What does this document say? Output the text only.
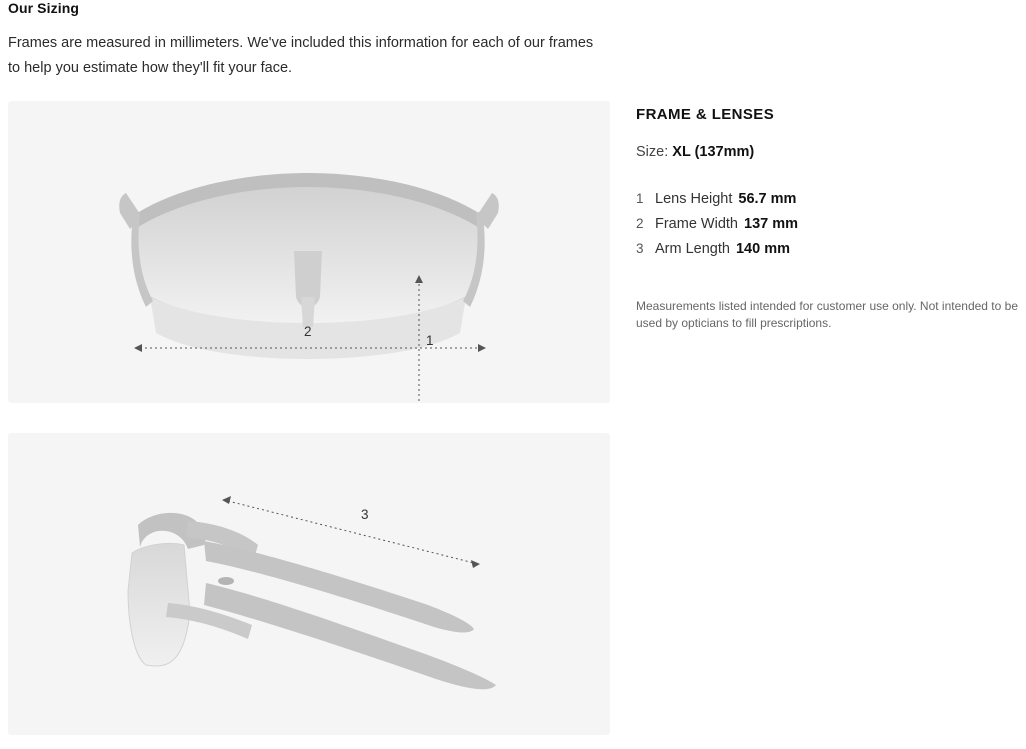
Our Sizing
Frames are measured in millimeters. We've included this information for each of our frames to help you estimate how they'll fit your face.
1
2
3
FRAME & LENSES
Size: XL (137mm)
1 Lens Height 56.7 mm
2 Frame Width 137 mm
3 Arm Length 140 mm
Measurements listed intended for customer use only. Not intended to be used by opticians to fill prescriptions.
